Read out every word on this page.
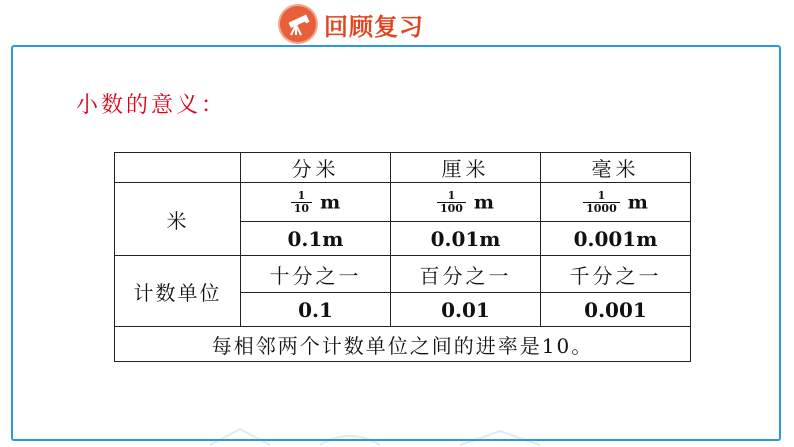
回顾复习
小数的意义：
	分米	厘米	毫米
米	$\frac{1}{10}$ m	$\frac{1}{100}$ m	$\frac{1}{1000}$ m
	0.1m	0.01m	0.001m
计数单位	十分之一	百分之一	千分之一
	0.1	0.01	0.001
每相邻两个计数单位之间的进率是10。			
